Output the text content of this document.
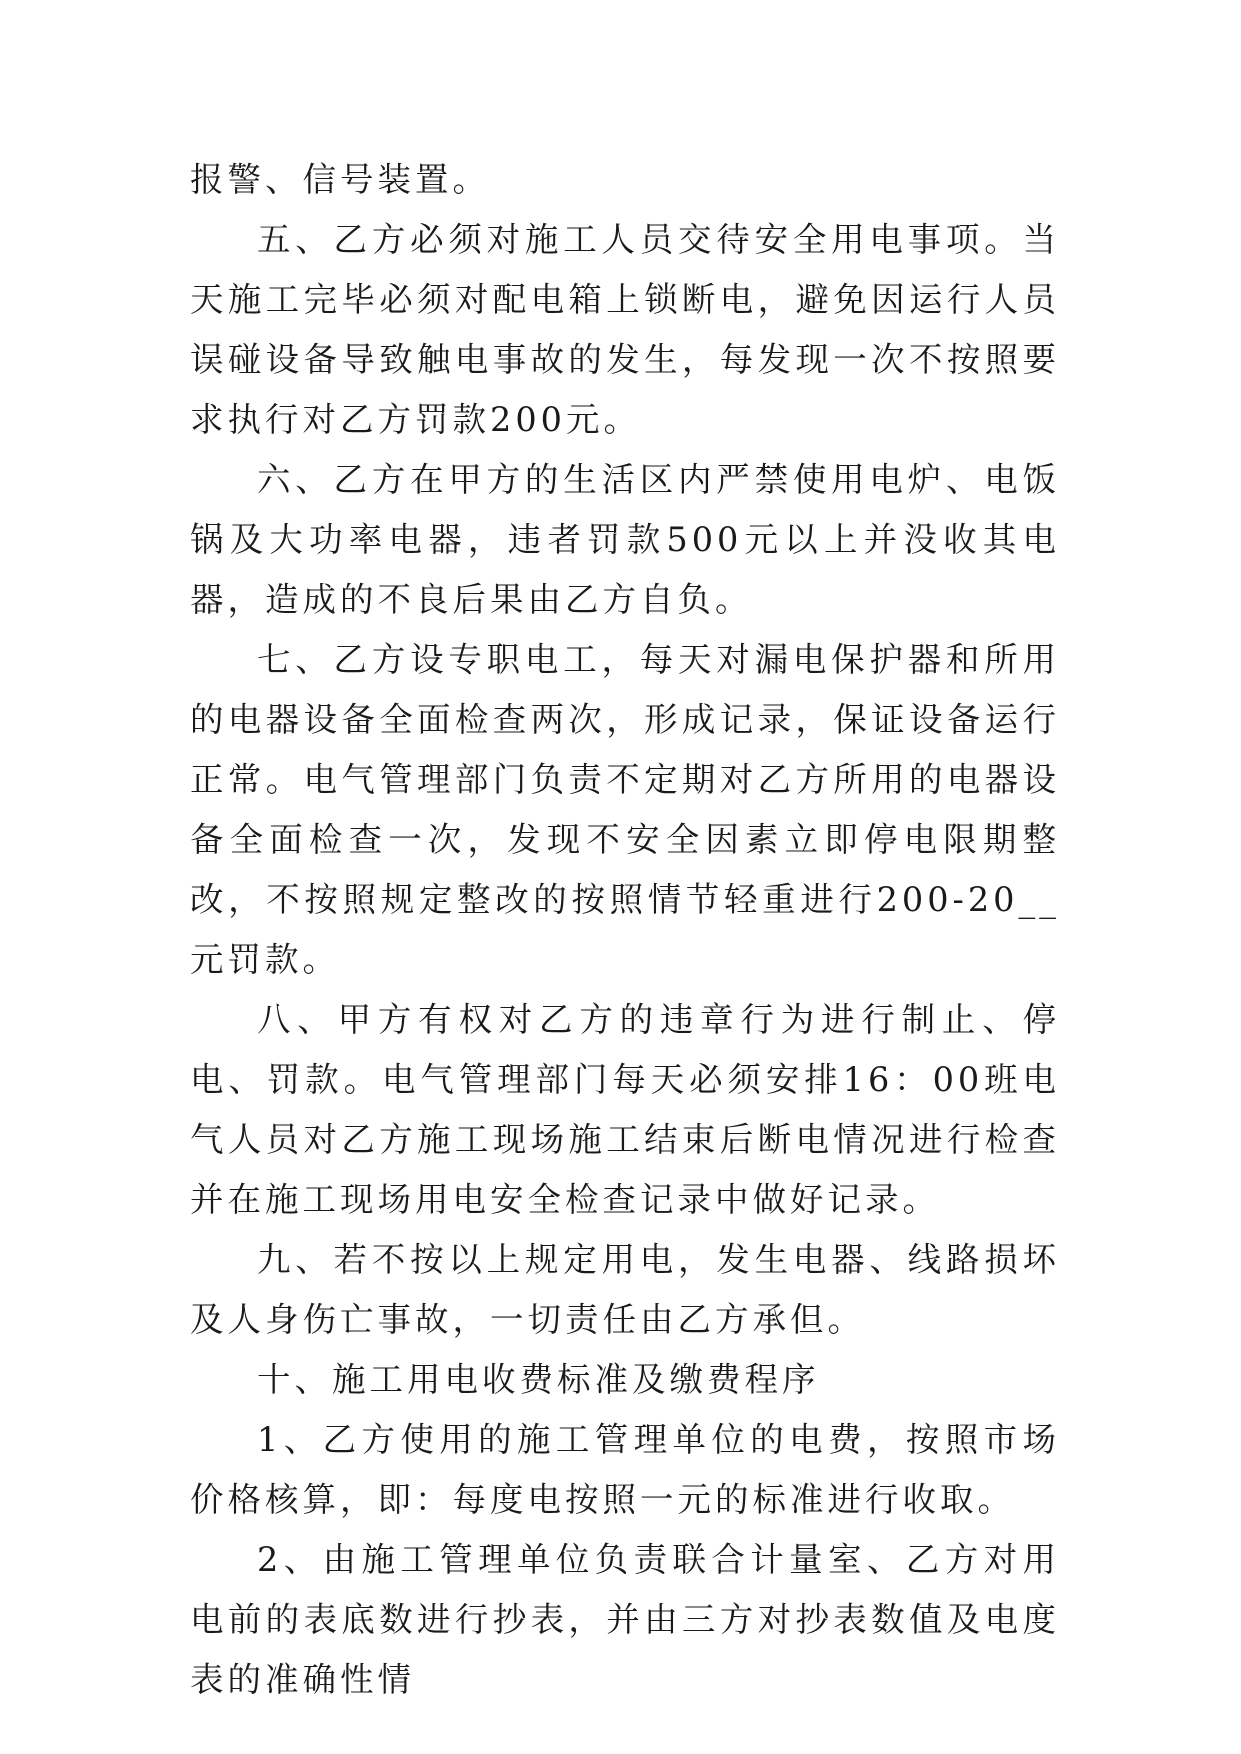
报警、信号装置。

五、乙方必须对施工人员交待安全用电事项。当天施工完毕必须对配电箱上锁断电，避免因运行人员误碰设备导致触电事故的发生，每发现一次不按照要求执行对乙方罚款200元。

六、乙方在甲方的生活区内严禁使用电炉、电饭锅及大功率电器，违者罚款500元以上并没收其电器，造成的不良后果由乙方自负。

七、乙方设专职电工，每天对漏电保护器和所用的电器设备全面检查两次，形成记录，保证设备运行正常。电气管理部门负责不定期对乙方所用的电器设备全面检查一次，发现不安全因素立即停电限期整改，不按照规定整改的按照情节轻重进行200-20__元罚款。

八、甲方有权对乙方的违章行为进行制止、停电、罚款。电气管理部门每天必须安排16：00班电气人员对乙方施工现场施工结束后断电情况进行检查并在施工现场用电安全检查记录中做好记录。

九、若不按以上规定用电，发生电器、线路损坏及人身伤亡事故，一切责任由乙方承但。

十、施工用电收费标准及缴费程序

1、乙方使用的施工管理单位的电费，按照市场价格核算，即：每度电按照一元的标准进行收取。

2、由施工管理单位负责联合计量室、乙方对用电前的表底数进行抄表，并由三方对抄表数值及电度表的准确性情
